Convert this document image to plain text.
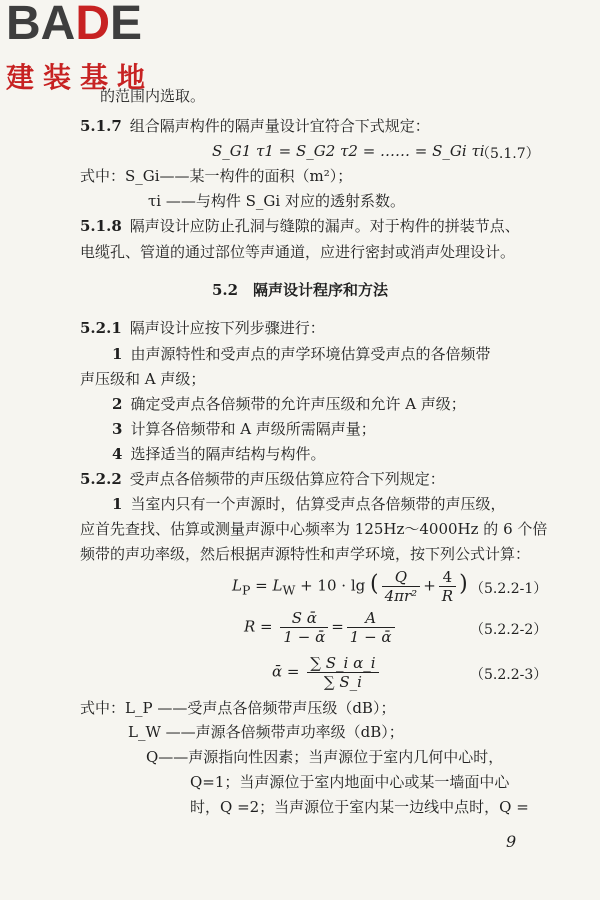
BADE
建装基地
的范围内选取。
5.1.7 组合隔声构件的隔声量设计宜符合下式规定：
S_G1 τ1 = S_G2 τ2 = …… = S_Gi τi
（5.1.7）
式中：S_Gi——某一构件的面积（m²）；
τi ——与构件 S_Gi 对应的透射系数。
5.1.8 隔声设计应防止孔洞与缝隙的漏声。对于构件的拼装节点、
电缆孔、管道的通过部位等声通道，应进行密封或消声处理设计。
5.2　隔声设计程序和方法
5.2.1 隔声设计应按下列步骤进行：
1 由声源特性和受声点的声学环境估算受声点的各倍频带
声压级和 A 声级；
2 确定受声点各倍频带的允许声压级和允许 A 声级；
3 计算各倍频带和 A 声级所需隔声量；
4 选择适当的隔声结构与构件。
5.2.2 受声点各倍频带的声压级估算应符合下列规定：
1 当室内只有一个声源时，估算受声点各倍频带的声压级，
应首先查找、估算或测量声源中心频率为 125Hz～4000Hz 的 6 个倍
频带的声功率级，然后根据声源特性和声学环境，按下列公式计算：
$L_P = L_W + 10 \cdot \lg$ ( $\frac{Q}{\text{4πr²}} + \frac{4}{R}$ ) （5.2.2-1）
$R = \frac{\text{S ᾱ}}{\text{1 − ᾱ}} = \frac{A}{\text{1 − ᾱ}}$	（5.2.2-2）
ᾱ = $\frac{\text{∑ S\_i α\_i}}{\sum S\_i}$	（5.2.2-3）
式中：L_P ——受声点各倍频带声压级（dB）；
L_W ——声源各倍频带声功率级（dB）；
Q——声源指向性因素；当声源位于室内几何中心时，
Q=1；当声源位于室内地面中心或某一墙面中心
时，Q =2；当声源位于室内某一边线中点时，Q =
9
